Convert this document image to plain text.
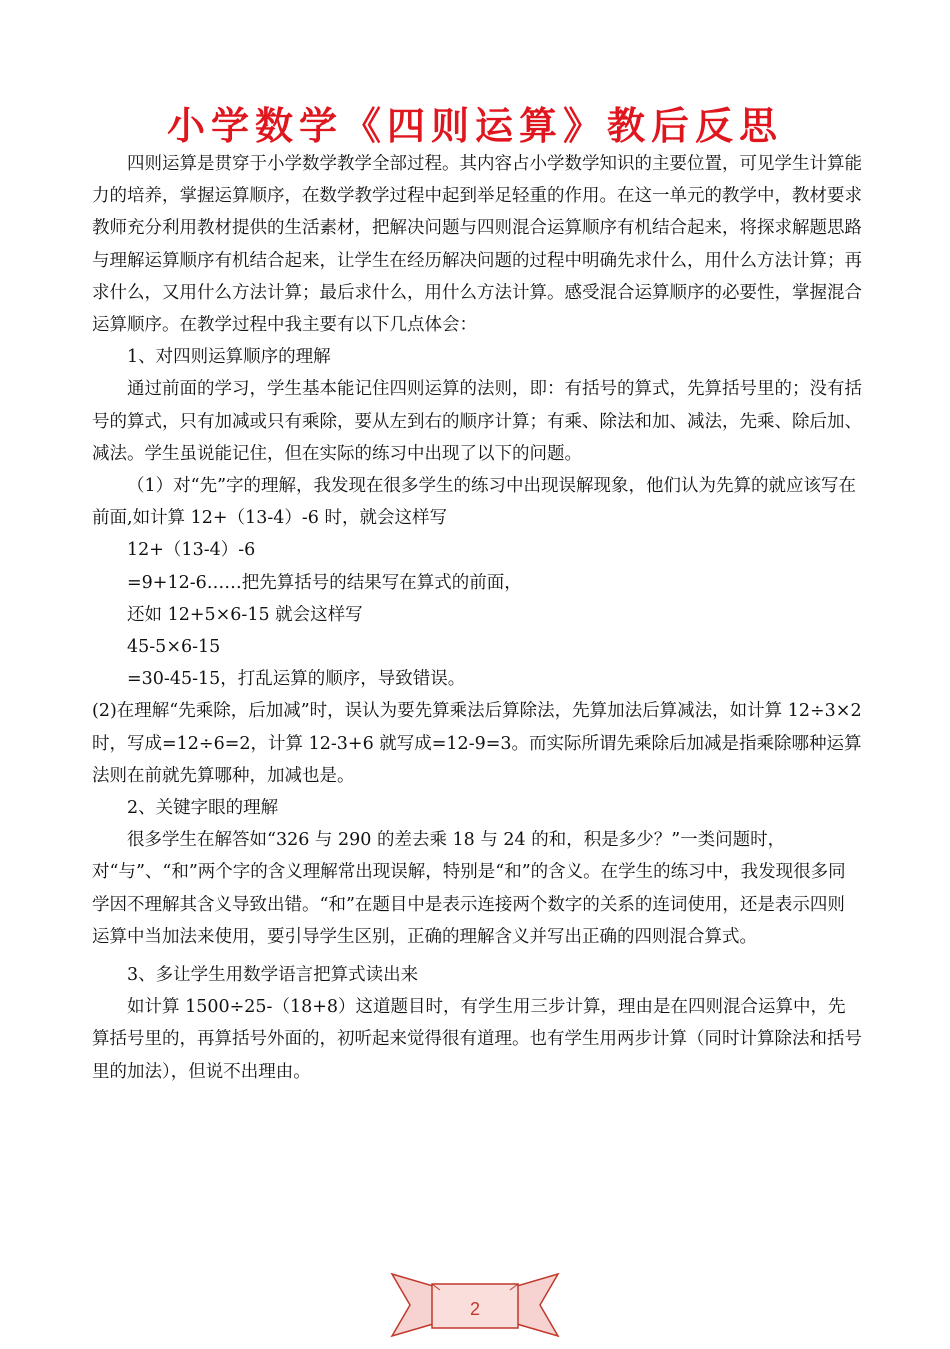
小学数学《四则运算》教后反思

四则运算是贯穿于小学数学教学全部过程。其内容占小学数学知识的主要位置，可见学生计算能力的培养，掌握运算顺序，在数学教学过程中起到举足轻重的作用。在这一单元的教学中，教材要求教师充分利用教材提供的生活素材，把解决问题与四则混合运算顺序有机结合起来，将探求解题思路与理解运算顺序有机结合起来，让学生在经历解决问题的过程中明确先求什么，用什么方法计算；再求什么，又用什么方法计算；最后求什么，用什么方法计算。感受混合运算顺序的必要性，掌握混合运算顺序。在教学过程中我主要有以下几点体会：

1、对四则运算顺序的理解

通过前面的学习，学生基本能记住四则运算的法则，即：有括号的算式，先算括号里的；没有括号的算式，只有加减或只有乘除，要从左到右的顺序计算；有乘、除法和加、减法，先乘、除后加、减法。学生虽说能记住，但在实际的练习中出现了以下的问题。

（1）对“先”字的理解，我发现在很多学生的练习中出现误解现象，他们认为先算的就应该写在前面,如计算 12+（13-4）-6 时，就会这样写

12+（13-4）-6

=9+12-6……把先算括号的结果写在算式的前面，

还如 12+5×6-15 就会这样写

45-5×6-15

=30-45-15，打乱运算的顺序，导致错误。

(2)在理解“先乘除，后加减”时，误认为要先算乘法后算除法，先算加法后算减法，如计算 12÷3×2 时，写成=12÷6=2，计算 12-3+6 就写成=12-9=3。而实际所谓先乘除后加减是指乘除哪种运算法则在前就先算哪种，加减也是。

2、关键字眼的理解

很多学生在解答如“326 与 290 的差去乘 18 与 24 的和，积是多少？”一类问题时，对“与”、“和”两个字的含义理解常出现误解，特别是“和”的含义。在学生的练习中，我发现很多同学因不理解其含义导致出错。“和”在题目中是表示连接两个数字的关系的连词使用，还是表示四则运算中当加法来使用，要引导学生区别，正确的理解含义并写出正确的四则混合算式。

3、多让学生用数学语言把算式读出来

如计算 1500÷25-（18+8）这道题目时，有学生用三步计算，理由是在四则混合运算中，先算括号里的，再算括号外面的，初听起来觉得很有道理。也有学生用两步计算（同时计算除法和括号里的加法），但说不出理由。

2
